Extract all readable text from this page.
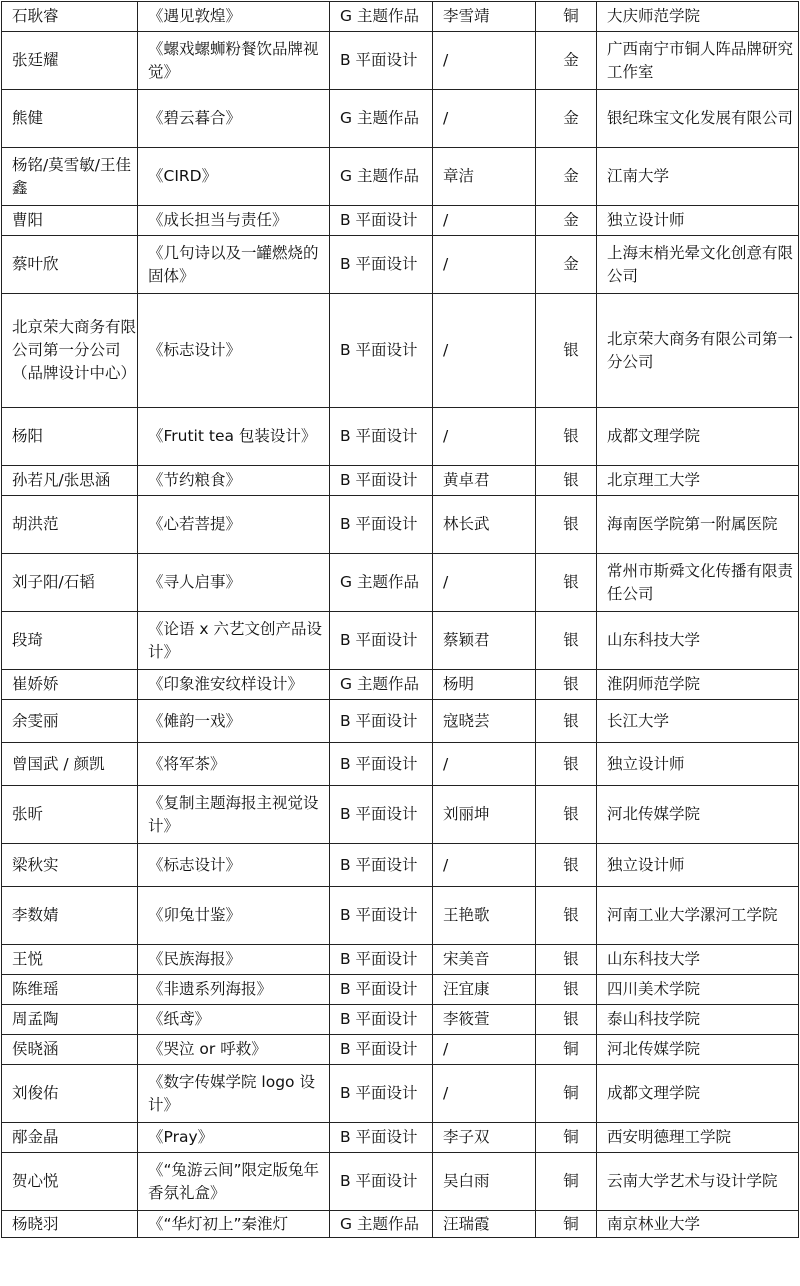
石耿睿	《遇见敦煌》	G 主题作品	李雪靖	铜	大庆师范学院
张廷耀	《螺戏螺蛳粉餐饮品牌视觉》	B 平面设计	/	金	广西南宁市铜人阵品牌研究工作室
熊健	《碧云暮合》	G 主题作品	/	金	银纪珠宝文化发展有限公司
杨铭/莫雪敏/王佳鑫	《CIRD》	G 主题作品	章洁	金	江南大学
曹阳	《成长担当与责任》	B 平面设计	/	金	独立设计师
蔡叶欣	《几句诗以及一罐燃烧的固体》	B 平面设计	/	金	上海末梢光晕文化创意有限公司
北京荣大商务有限公司第一分公司（品牌设计中心）	《标志设计》	B 平面设计	/	银	北京荣大商务有限公司第一分公司
杨阳	《Frutit tea 包装设计》	B 平面设计	/	银	成都文理学院
孙若凡/张思涵	《节约粮食》	B 平面设计	黄卓君	银	北京理工大学
胡洪范	《心若菩提》	B 平面设计	林长武	银	海南医学院第一附属医院
刘子阳/石韬	《寻人启事》	G 主题作品	/	银	常州市斯舜文化传播有限责任公司
段琦	《论语 x 六艺文创产品设计》	B 平面设计	蔡颖君	银	山东科技大学
崔娇娇	《印象淮安纹样设计》	G 主题作品	杨明	银	淮阴师范学院
余雯丽	《傩韵一戏》	B 平面设计	寇晓芸	银	长江大学
曾国武 / 颜凯	《将军茶》	B 平面设计	/	银	独立设计师
张昕	《复制主题海报主视觉设计》	B 平面设计	刘丽坤	银	河北传媒学院
梁秋实	《标志设计》	B 平面设计	/	银	独立设计师
李数婧	《卯兔廿鉴》	B 平面设计	王艳歌	银	河南工业大学漯河工学院
王悦	《民族海报》	B 平面设计	宋美音	银	山东科技大学
陈维瑶	《非遗系列海报》	B 平面设计	汪宜康	银	四川美术学院
周孟陶	《纸鸢》	B 平面设计	李筱萱	银	泰山科技学院
侯晓涵	《哭泣 or 呼救》	B 平面设计	/	铜	河北传媒学院
刘俊佑	《数字传媒学院 logo 设计》	B 平面设计	/	铜	成都文理学院
邴金晶	《Pray》	B 平面设计	李子双	铜	西安明德理工学院
贺心悦	《“兔游云间”限定版兔年香氛礼盒》	B 平面设计	吴白雨	铜	云南大学艺术与设计学院
杨晓羽	《“华灯初上”秦淮灯	G 主题作品	汪瑞霞	铜	南京林业大学
